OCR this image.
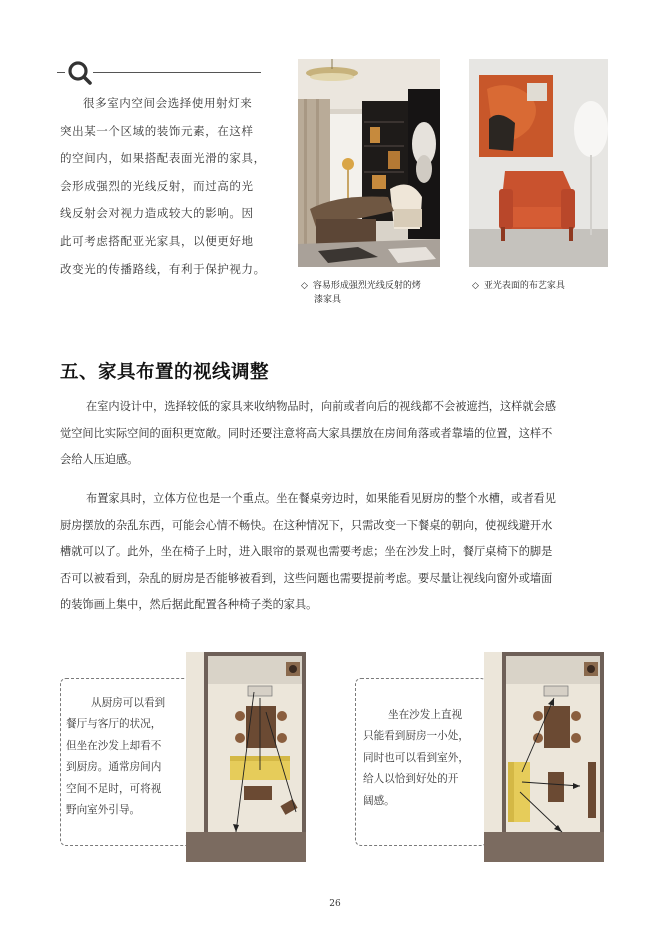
很多室内空间会选择使用射灯来
突出某一个区域的装饰元素，在这样
的空间内，如果搭配表面光滑的家具，
会形成强烈的光线反射，而过高的光
线反射会对视力造成较大的影响。因
此可考虑搭配亚光家具，以便更好地
改变光的传播路线，有利于保护视力。
◇ 容易形成强烈光线反射的烤
漆家具
◇ 亚光表面的布艺家具
五、家具布置的视线调整
在室内设计中，选择较低的家具来收纳物品时，向前或者向后的视线都不会被遮挡，这样就会感
觉空间比实际空间的面积更宽敞。同时还要注意将高大家具摆放在房间角落或者靠墙的位置，这样不
会给人压迫感。
布置家具时，立体方位也是一个重点。坐在餐桌旁边时，如果能看见厨房的整个水槽，或者看见
厨房摆放的杂乱东西，可能会心情不畅快。在这种情况下，只需改变一下餐桌的朝向，使视线避开水
槽就可以了。此外，坐在椅子上时，进入眼帘的景观也需要考虑；坐在沙发上时，餐厅桌椅下的脚是
否可以被看到，杂乱的厨房是否能够被看到，这些问题也需要提前考虑。要尽量让视线向窗外或墙面
的装饰画上集中，然后据此配置各种椅子类的家具。
从厨房可以看到
餐厅与客厅的状况，
但坐在沙发上却看不
到厨房。通常房间内
空间不足时，可将视
野向室外引导。
坐在沙发上直视
只能看到厨房一小处，
同时也可以看到室外，
给人以恰到好处的开
阔感。
26
